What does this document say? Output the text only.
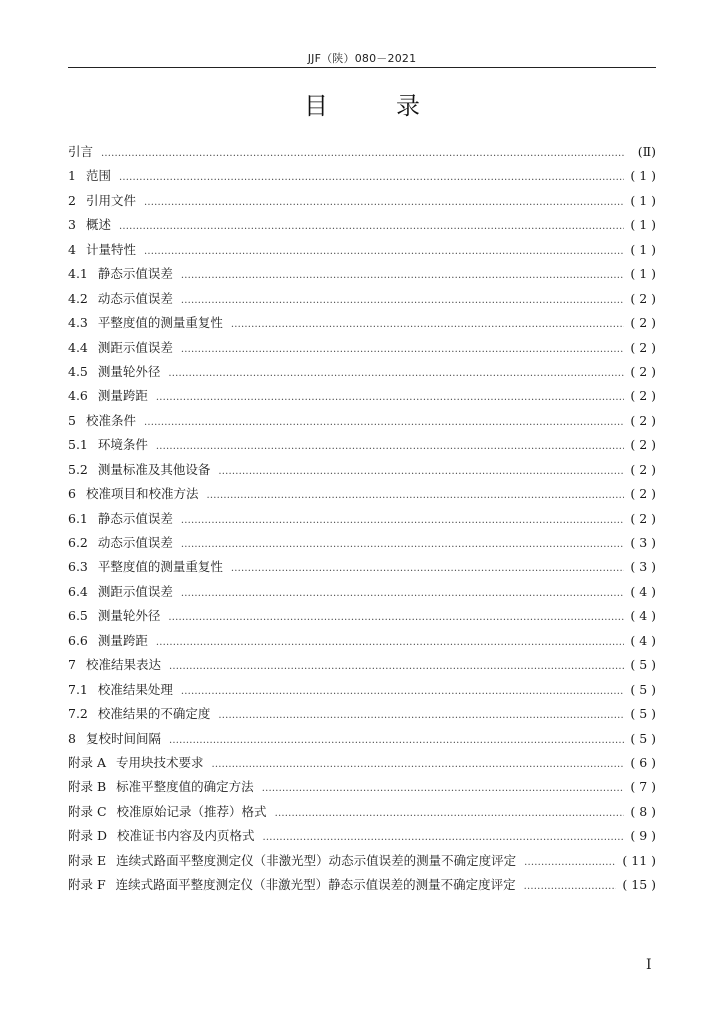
JJF（陕）080－2021
目　录
引言 .....	(Ⅱ)
1 范围 .....	( 1 )
2 引用文件 .....	( 1 )
3 概述 .....	( 1 )
4 计量特性 .....	( 1 )
4.1 静态示值误差 .....	( 1 )
4.2 动态示值误差 .....	( 2 )
4.3 平整度值的测量重复性 .....	( 2 )
4.4 测距示值误差 .....	( 2 )
4.5 测量轮外径 .....	( 2 )
4.6 测量跨距 .....	( 2 )
5 校准条件 .....	( 2 )
5.1 环境条件 .....	( 2 )
5.2 测量标准及其他设备 .....	( 2 )
6 校准项目和校准方法 .....	( 2 )
6.1 静态示值误差 .....	( 2 )
6.2 动态示值误差 .....	( 3 )
6.3 平整度值的测量重复性 .....	( 3 )
6.4 测距示值误差 .....	( 4 )
6.5 测量轮外径 .....	( 4 )
6.6 测量跨距 .....	( 4 )
7 校准结果表达 .....	( 5 )
7.1 校准结果处理 .....	( 5 )
7.2 校准结果的不确定度 .....	( 5 )
8 复校时间间隔 .....	( 5 )
附录 A 专用块技术要求 .....	( 6 )
附录 B 标准平整度值的确定方法 .....	( 7 )
附录 C 校准原始记录（推荐）格式 .....	( 8 )
附录 D 校准证书内容及内页格式 .....	( 9 )
附录 E 连续式路面平整度测定仪（非激光型）动态示值误差的测量不确定度评定 .....	( 11 )
附录 F 连续式路面平整度测定仪（非激光型）静态示值误差的测量不确定度评定 .....	( 15 )
I
